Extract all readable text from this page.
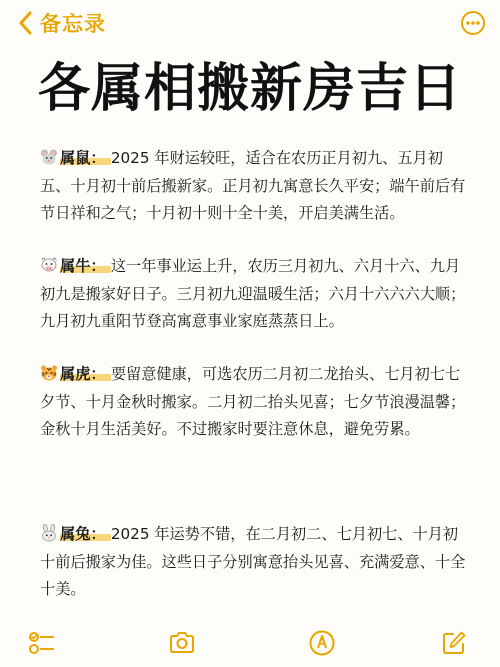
备忘录
各属相搬新房吉日
属鼠： 2025 年财运较旺，适合在农历正月初九、五月初五、十月初十前后搬新家。正月初九寓意长久平安；端午前后有节日祥和之气；十月初十则十全十美，开启美满生活。
属牛： 这一年事业运上升，农历三月初九、六月十六、九月初九是搬家好日子。三月初九迎温暖生活；六月十六六六大顺；九月初九重阳节登高寓意事业家庭蒸蒸日上。
属虎： 要留意健康，可选农历二月初二龙抬头、七月初七七夕节、十月金秋时搬家。二月初二抬头见喜；七夕节浪漫温馨；金秋十月生活美好。不过搬家时要注意休息，避免劳累。
属兔： 2025 年运势不错，在二月初二、七月初七、十月初十前后搬家为佳。这些日子分别寓意抬头见喜、充满爱意、十全十美。
